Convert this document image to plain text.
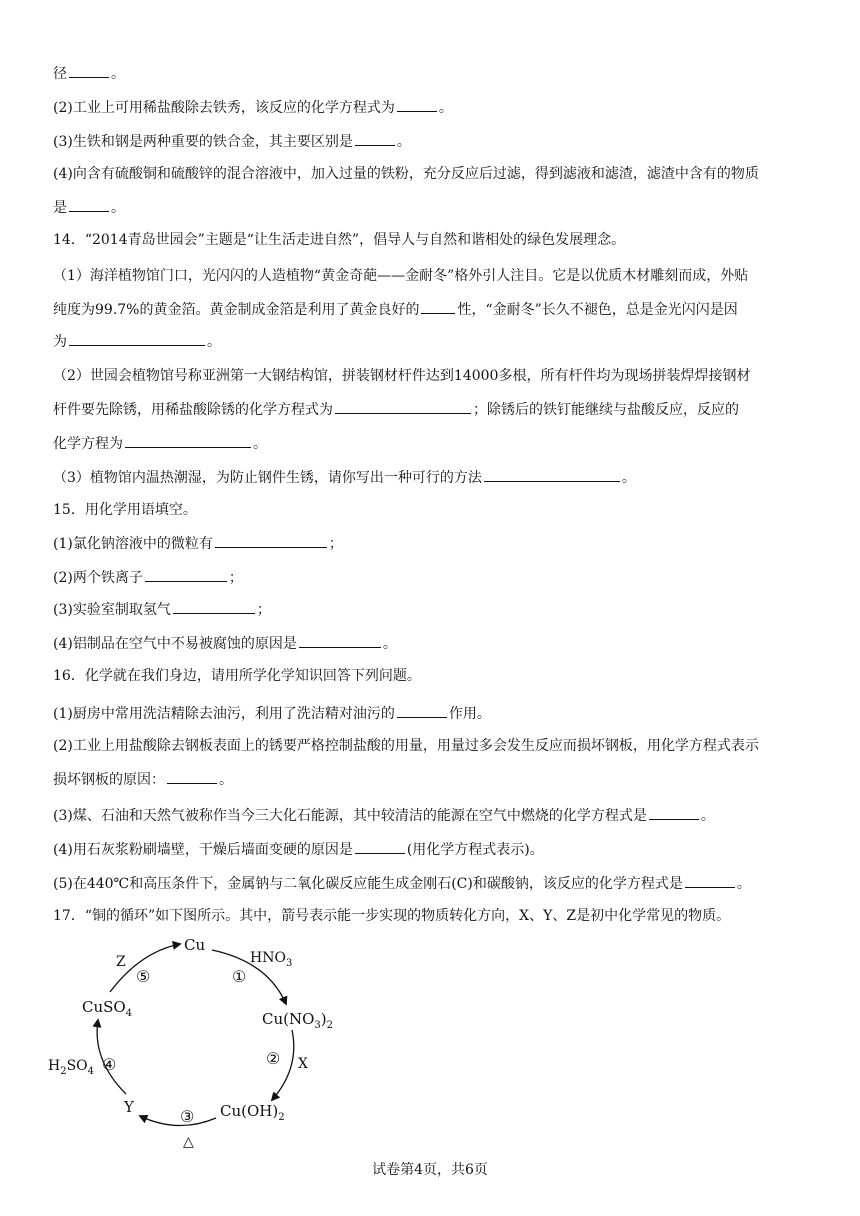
径	。
(2)工业上可用稀盐酸除去铁秀，该反应的化学方程式为	。
(3)生铁和钢是两种重要的铁合金，其主要区别是	。
(4)向含有硫酸铜和硫酸锌的混合溶液中，加入过量的铁粉，充分反应后过滤，得到滤液和滤渣，滤渣中含有的物质
是	。
14．“2014青岛世园会”主题是“让生活走进自然”，倡导人与自然和谐相处的绿色发展理念。
（1）海洋植物馆门口，光闪闪的人造植物“黄金奇葩——金耐冬”格外引人注目。它是以优质木材雕刻而成，外贴
纯度为99.7%的黄金箔。黄金制成金箔是利用了黄金良好的	性，“金耐冬”长久不褪色，总是金光闪闪是因
为	。
（2）世园会植物馆号称亚洲第一大钢结构馆，拼装钢材杆件达到14000多根，所有杆件均为现场拼装焊焊接钢材
杆件要先除锈，用稀盐酸除锈的化学方程式为	；除锈后的铁钉能继续与盐酸反应，反应的
化学方程为	。
（3）植物馆内温热潮湿，为防止钢件生锈，请你写出一种可行的方法	。
15．用化学用语填空。
(1)氯化钠溶液中的微粒有	；
(2)两个铁离子	；
(3)实验室制取氢气	；
(4)铝制品在空气中不易被腐蚀的原因是	。
16．化学就在我们身边，请用所学化学知识回答下列问题。
(1)厨房中常用洗洁精除去油污，利用了洗洁精对油污的	作用。
(2)工业上用盐酸除去钢板表面上的锈要严格控制盐酸的用量，用量过多会发生反应而损坏钢板，用化学方程式表示
损坏钢板的原因：	。
(3)煤、石油和天然气被称作当今三大化石能源，其中较清洁的能源在空气中燃烧的化学方程式是	。
(4)用石灰浆粉刷墙壁，干燥后墙面变硬的原因是	(用化学方程式表示)。
(5)在440℃和高压条件下，金属钠与二氧化碳反应能生成金刚石(C)和碳酸钠，该反应的化学方程式是	。
17．“铜的循环”如下图所示。其中，箭号表示能一步实现的物质转化方向，X、Y、Z是初中化学常见的物质。
Cu
$HNO_3$
①
$Cu(NO_3)_2$
② X
$Cu(OH)_2$
③
△
Y
$H_2SO_4$ ④
CuSO$_4$
Z
⑤
试卷第4页，共6页
